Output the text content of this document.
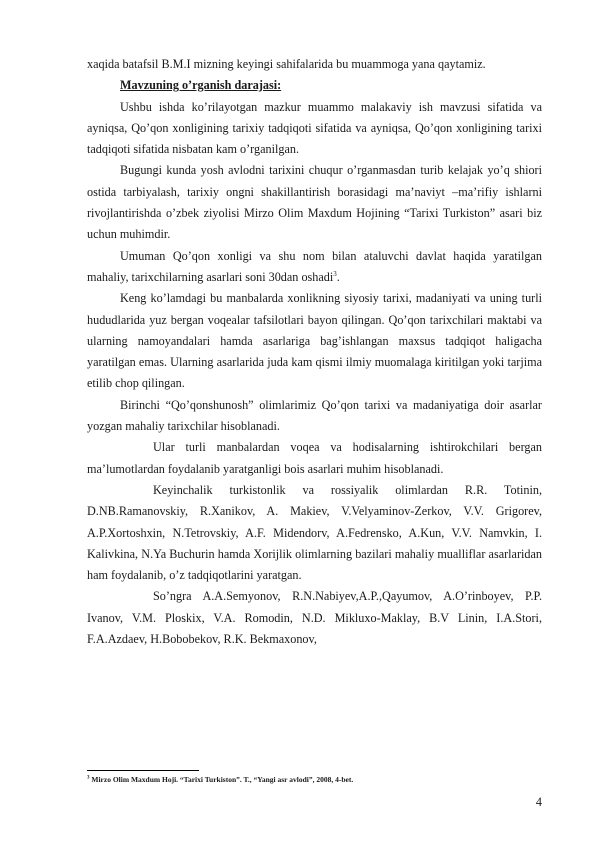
xaqida batafsil B.M.I mizning keyingi sahifalarida bu muammoga yana qaytamiz.

Mavzuning o’rganish darajasi:

Ushbu ishda ko’rilayotgan mazkur muammo malakaviy ish mavzusi sifatida va ayniqsa, Qo’qon xonligining tarixiy tadqiqoti sifatida va ayniqsa, Qo’qon xonligining tarixi tadqiqoti sifatida nisbatan kam o’rganilgan.

Bugungi kunda yosh avlodni tarixini chuqur o’rganmasdan turib kelajak yo’q shiori ostida tarbiyalash, tarixiy ongni shakillantirish borasidagi ma’naviyt –ma’rifiy ishlarni rivojlantirishda o’zbek ziyolisi Mirzo Olim Maxdum Hojining “Tarixi Turkiston” asari biz uchun muhimdir.

Umuman Qo’qon xonligi va shu nom bilan ataluvchi davlat haqida yaratilgan mahaliy, tarixchilarning asarlari soni 30dan oshadi$^3$.

Keng ko’lamdagi bu manbalarda xonlikning siyosiy tarixi, madaniyati va uning turli hududlarida yuz bergan voqealar tafsilotlari bayon qilingan. Qo’qon tarixchilari maktabi va ularning namoyandalari hamda asarlariga bag’ishlangan maxsus tadqiqot haligacha yaratilgan emas. Ularning asarlarida juda kam qismi ilmiy muomalaga kiritilgan yoki tarjima etilib chop qilingan.

Birinchi “Qo’qonshunosh” olimlarimiz Qo’qon tarixi va madaniyatiga doir asarlar yozgan mahaliy tarixchilar hisoblanadi.

Ular turli manbalardan voqea va hodisalarning ishtirokchilari bergan ma’lumotlardan foydalanib yaratganligi bois asarlari muhim hisoblanadi.

Keyinchalik turkistonlik va rossiyalik olimlardan R.R. Totinin, D.NB.Ramanovskiy, R.Xanikov, A. Makiev, V.Velyaminov-Zerkov, V.V. Grigorev, A.P.Xortoshxin, N.Tetrovskiy, A.F. Midendorv, A.Fedrensko, A.Kun, V.V. Namvkin, I. Kalivkina, N.Ya Buchurin hamda Xorijlik olimlarning bazilari mahaliy mualliflar asarlaridan ham foydalanib, o’z tadqiqotlarini yaratgan.

So’ngra A.A.Semyonov, R.N.Nabiyev,A.P.,Qayumov, A.O’rinboyev, P.P. Ivanov, V.M. Ploskix, V.A. Romodin, N.D. Mikluxo-Maklay, B.V Linin, I.A.Stori, F.A.Azdaev, H.Bobobekov, R.K. Bekmaxonov,

$^3$ Mirzo Olim Maxdum Hoji. “Tarixi Turkiston”. T., “Yangi asr avlodi”, 2008, 4-bet.
4
